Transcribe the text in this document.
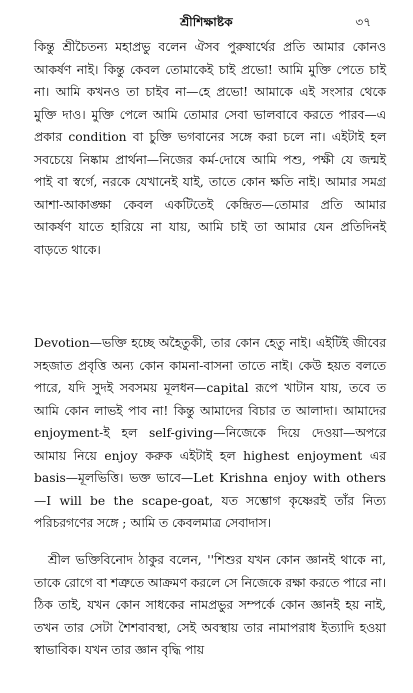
শ্রীশিক্ষাষ্টক	৩৭

কিন্তু শ্রীচৈতন্য মহাপ্রভু বলেন ঐসব পুরুষার্থের প্রতি আমার কোনও আকর্ষণ নাই। কিন্তু কেবল তোমাকেই চাই প্রভো! আমি মুক্তি পেতে চাই না। আমি কখনও তা চাইব না—হে প্রভো! আমাকে এই সংসার থেকে মুক্তি দাও। মুক্তি পেলে আমি তোমার সেবা ভালবাবে করতে পারব—এ প্রকার condition বা চুক্তি ভগবানের সঙ্গে করা চলে না। এইটাই হল সবচেয়ে নিষ্কাম প্রার্থনা—নিজের কর্ম-দোষে আমি পশু, পক্ষী যে জন্মই পাই বা স্বর্গে, নরকে যেখানেই যাই, তাতে কোন ক্ষতি নাই। আমার সমগ্র আশা-আকাঙ্ক্ষা কেবল একটিতেই কেন্দ্রিত—তোমার প্রতি আমার আকর্ষণ যাতে হারিয়ে না যায়, আমি চাই তা আমার যেন প্রতিদিনই বাড়তে থাকে।

Devotion—ভক্তি হচ্ছে অহৈতুকী, তার কোন হেতু নাই। এইটিই জীবের সহজাত প্রবৃত্তি অন্য কোন কামনা-বাসনা তাতে নাই। কেউ হয়ত বলতে পারে, যদি সুদই সবসময় মূলধন—capital রূপে খাটান যায়, তবে ত আমি কোন লাভই পাব না! কিন্তু আমাদের বিচার ত আলাদা। আমাদের enjoyment-ই হল self-giving—নিজেকে দিয়ে দেওয়া—অপরে আমায় নিয়ে enjoy করুক এইটাই হল highest enjoyment এর basis—মূলভিত্তি। ভক্ত ভাবে—Let Krishna enjoy with others—I will be the scape-goat, যত সম্ভোগ কৃষ্ণেরই তাঁর নিত্য পরিচরগণের সঙ্গে ; আমি ত কেবলমাত্র সেবাদাস।

শ্রীল ভক্তিবিনোদ ঠাকুর বলেন, ''শিশুর যখন কোন জ্ঞানই থাকে না, তাকে রোগে বা শত্রুতে আক্রমণ করলে সে নিজেকে রক্ষা করতে পারে না। ঠিক তাই, যখন কোন সাধকের নামপ্রভুর সম্পর্কে কোন জ্ঞানই হয় নাই, তখন তার সেটা শৈশবাবস্থা, সেই অবস্থায় তার নামাপরাধ ইত্যাদি হওয়া স্বাভাবিক। যখন তার জ্ঞান বৃদ্ধি পায়
